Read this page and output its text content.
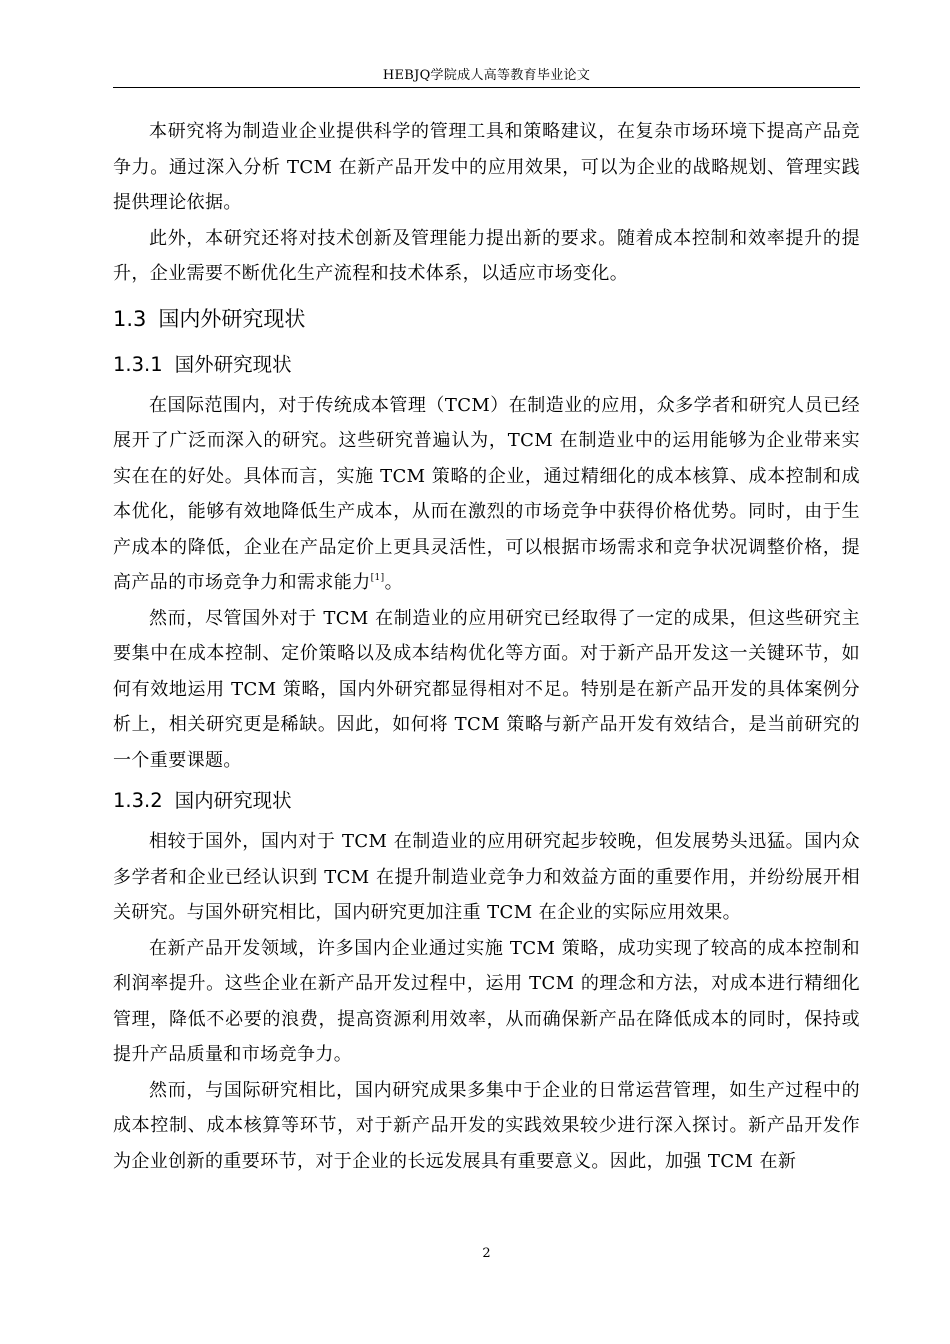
HEBJQ学院成人高等教育毕业论文

本研究将为制造业企业提供科学的管理工具和策略建议，在复杂市场环境下提高产品竞争力。通过深入分析 TCM 在新产品开发中的应用效果，可以为企业的战略规划、管理实践提供理论依据。

此外，本研究还将对技术创新及管理能力提出新的要求。随着成本控制和效率提升的提升，企业需要不断优化生产流程和技术体系，以适应市场变化。

1.3 国内外研究现状
1.3.1 国外研究现状

在国际范围内，对于传统成本管理（TCM）在制造业的应用，众多学者和研究人员已经展开了广泛而深入的研究。这些研究普遍认为，TCM 在制造业中的运用能够为企业带来实实在在的好处。具体而言，实施 TCM 策略的企业，通过精细化的成本核算、成本控制和成本优化，能够有效地降低生产成本，从而在激烈的市场竞争中获得价格优势。同时，由于生产成本的降低，企业在产品定价上更具灵活性，可以根据市场需求和竞争状况调整价格，提高产品的市场竞争力和需求能力[1]。

然而，尽管国外对于 TCM 在制造业的应用研究已经取得了一定的成果，但这些研究主要集中在成本控制、定价策略以及成本结构优化等方面。对于新产品开发这一关键环节，如何有效地运用 TCM 策略，国内外研究都显得相对不足。特别是在新产品开发的具体案例分析上，相关研究更是稀缺。因此，如何将 TCM 策略与新产品开发有效结合，是当前研究的一个重要课题。

1.3.2 国内研究现状

相较于国外，国内对于 TCM 在制造业的应用研究起步较晚，但发展势头迅猛。国内众多学者和企业已经认识到 TCM 在提升制造业竞争力和效益方面的重要作用，并纷纷展开相关研究。与国外研究相比，国内研究更加注重 TCM 在企业的实际应用效果。

在新产品开发领域，许多国内企业通过实施 TCM 策略，成功实现了较高的成本控制和利润率提升。这些企业在新产品开发过程中，运用 TCM 的理念和方法，对成本进行精细化管理，降低不必要的浪费，提高资源利用效率，从而确保新产品在降低成本的同时，保持或提升产品质量和市场竞争力。

然而，与国际研究相比，国内研究成果多集中于企业的日常运营管理，如生产过程中的成本控制、成本核算等环节，对于新产品开发的实践效果较少进行深入探讨。新产品开发作为企业创新的重要环节，对于企业的长远发展具有重要意义。因此，加强 TCM 在新

2
